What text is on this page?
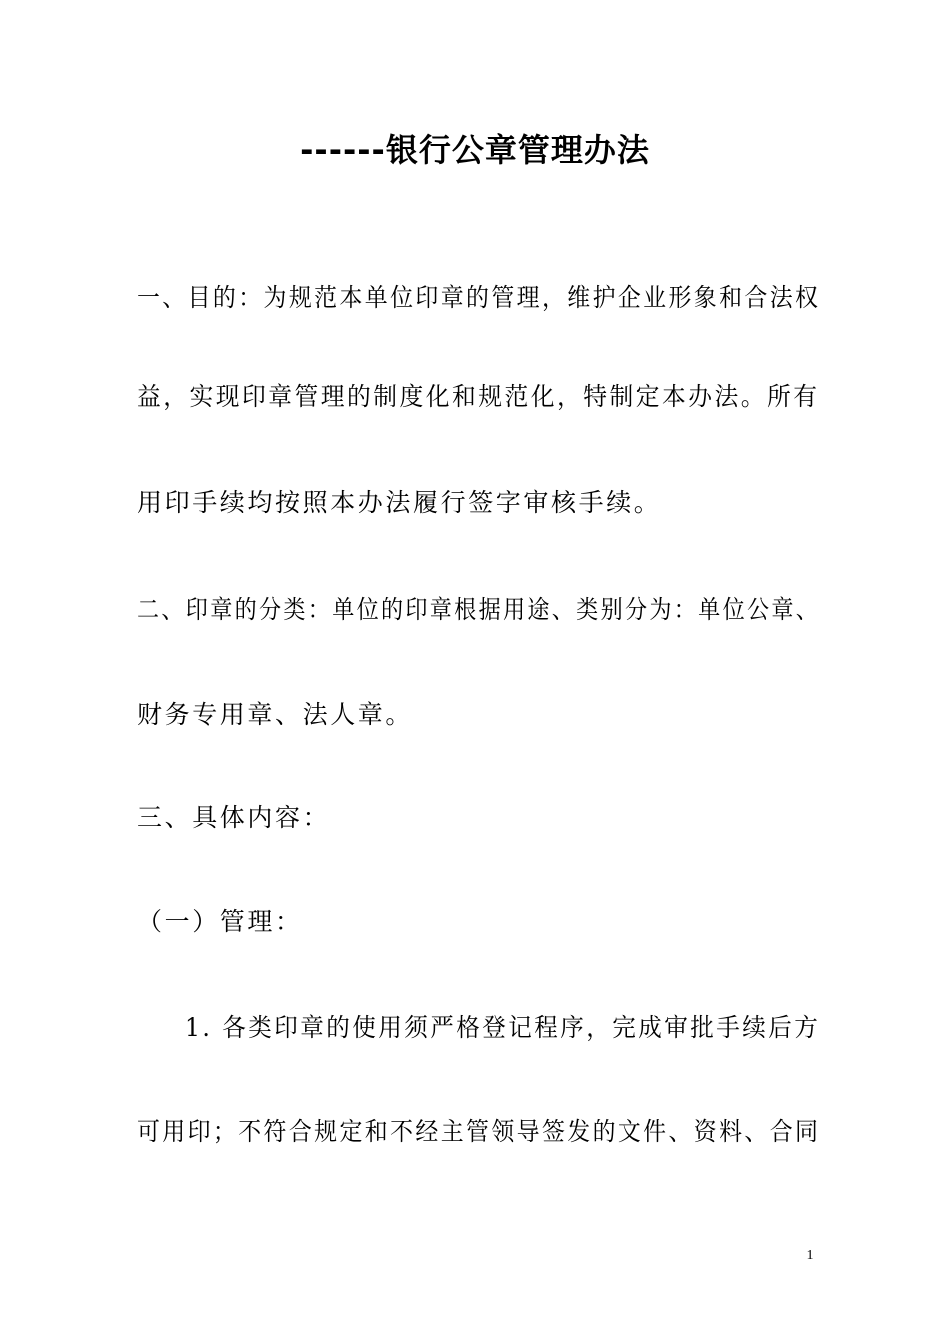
------银行公章管理办法
一、目的：为规范本单位印章的管理，维护企业形象和合法权
益，实现印章管理的制度化和规范化，特制定本办法。所有
用印手续均按照本办法履行签字审核手续。
二、印章的分类：单位的印章根据用途、类别分为：单位公章、
财务专用章、法人章。
三、具体内容：
（一）管理：
1. 各类印章的使用须严格登记程序，完成审批手续后方
可用印；不符合规定和不经主管领导签发的文件、资料、合同
1
